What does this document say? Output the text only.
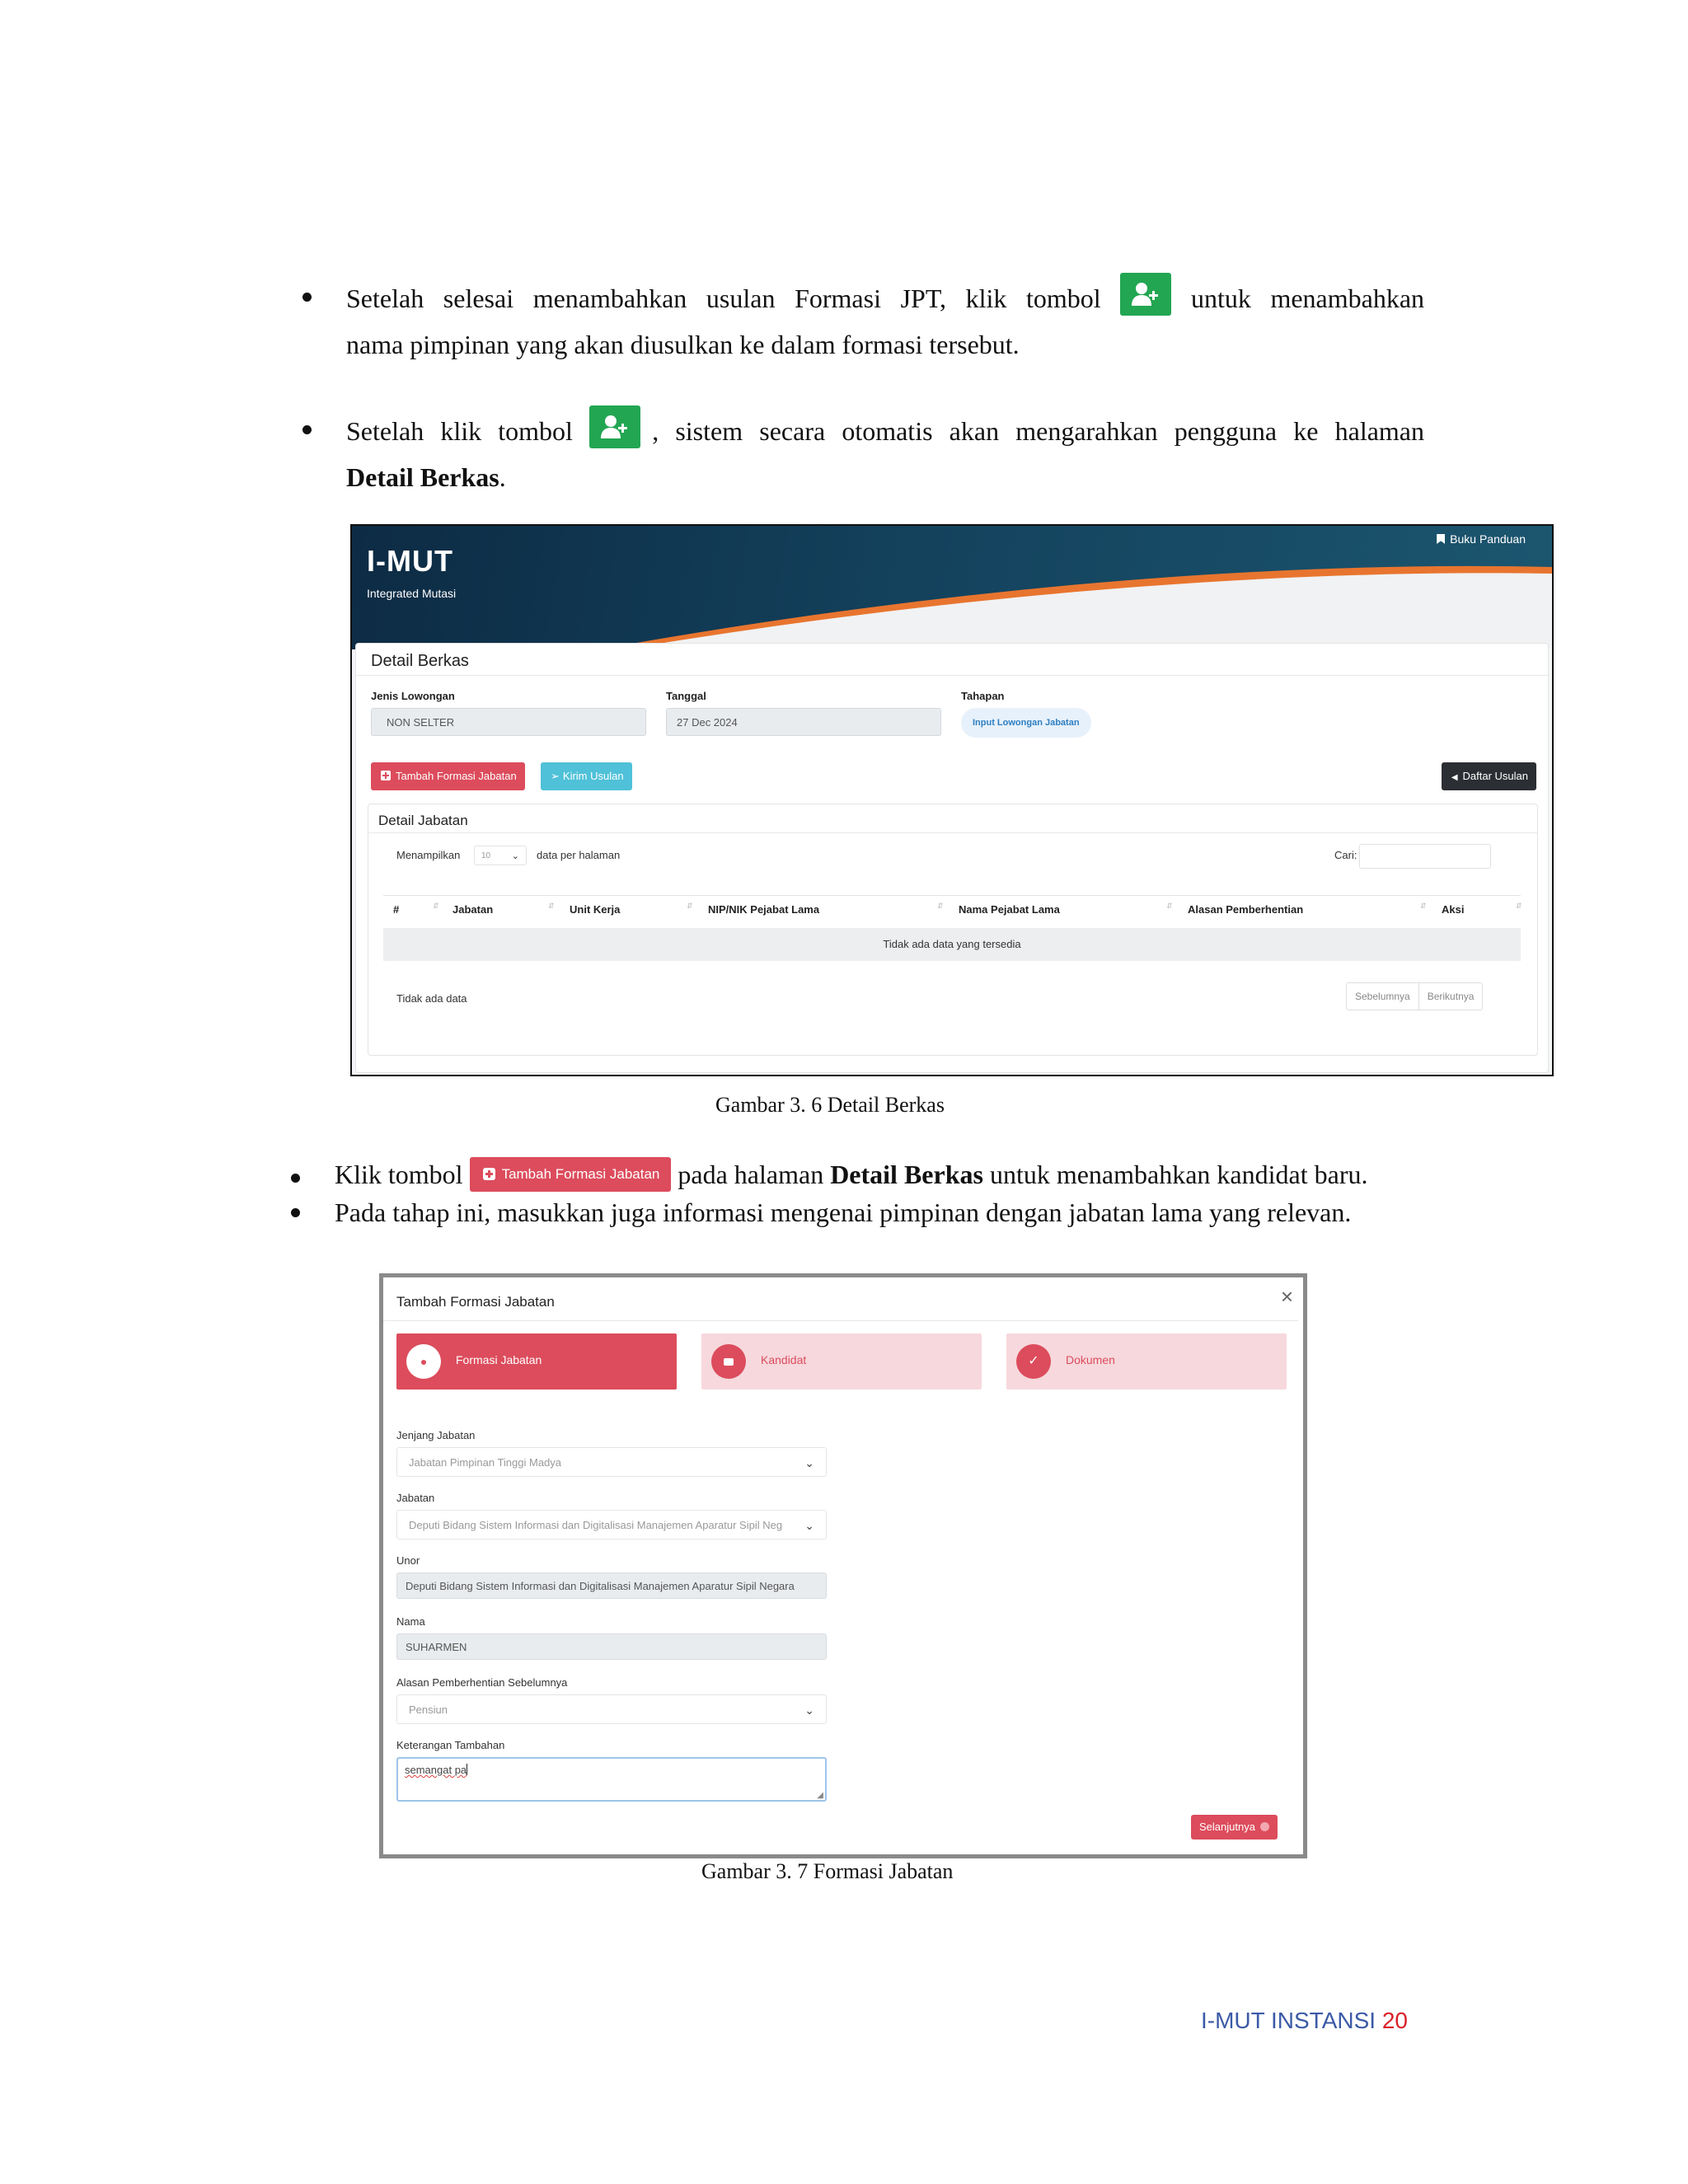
Setelah selesai menambahkan usulan Formasi JPT, klik tombol	untuk menambahkan
nama pimpinan yang akan diusulkan ke dalam formasi tersebut.
Setelah klik tombol	, sistem secara otomatis akan mengarahkan pengguna ke halaman
Detail Berkas.
I-MUT
Integrated Mutasi
Buku Panduan
Detail Berkas
Jenis Lowongan
NON SELTER
Tanggal
27 Dec 2024
Tahapan
Input Lowongan Jabatan
Tambah Formasi Jabatan	➢ Kirim Usulan	◀ Daftar Usulan
Detail Jabatan
Menampilkan	10 ⌄ data per halaman	Cari:
#	Jabatan	Unit Kerja	NIP/NIK Pejabat Lama	Nama Pejabat Lama	Alasan Pemberhentian	Aksi
⇵	⇵	⇵	⇵	⇵	⇵	⇵
Tidak ada data yang tersedia
Tidak ada data	Sebelumnya	Berikutnya
Gambar 3. 6 Detail Berkas
Klik tombol	Tambah Formasi Jabatan pada halaman Detail Berkas untuk menambahkan kandidat baru.
Pada tahap ini, masukkan juga informasi mengenai pimpinan dengan jabatan lama yang relevan.
Tambah Formasi Jabatan	×
Formasi Jabatan	Kandidat	✓	Dokumen
Jenjang Jabatan
Jabatan Pimpinan Tinggi Madya	⌄
Jabatan
Deputi Bidang Sistem Informasi dan Digitalisasi Manajemen Aparatur Sipil Neg	⌄
Unor
Deputi Bidang Sistem Informasi dan Digitalisasi Manajemen Aparatur Sipil Negara
Nama
SUHARMEN
Alasan Pemberhentian Sebelumnya
Pensiun	⌄
Keterangan Tambahan
semangat pa
◢
Selanjutnya
Gambar 3. 7 Formasi Jabatan
I-MUT INSTANSI 20
